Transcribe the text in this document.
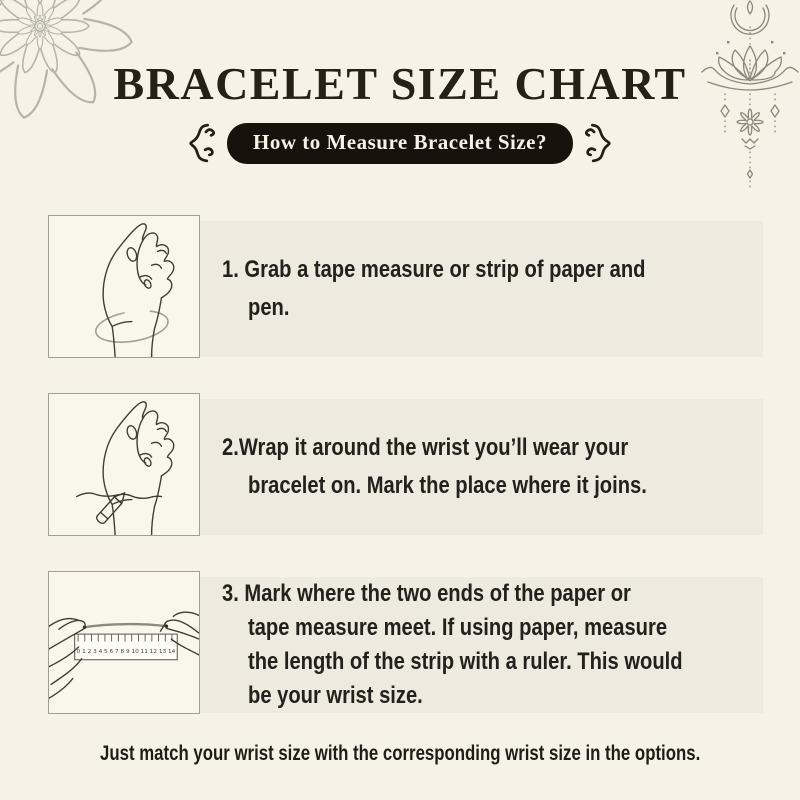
BRACELET SIZE CHART
How to Measure Bracelet Size?
1. Grab a tape measure or strip of paper and
pen.
2.Wrap it around the wrist you’ll wear your
bracelet on. Mark the place where it joins.
0 1 2 3 4 5 6 7 8 9 10 11 12 13 14
3. Mark where the two ends of the paper or
tape measure meet. If using paper, measure
the length of the strip with a ruler. This would
be your wrist size.
Just match your wrist size with the corresponding wrist size in the options.
